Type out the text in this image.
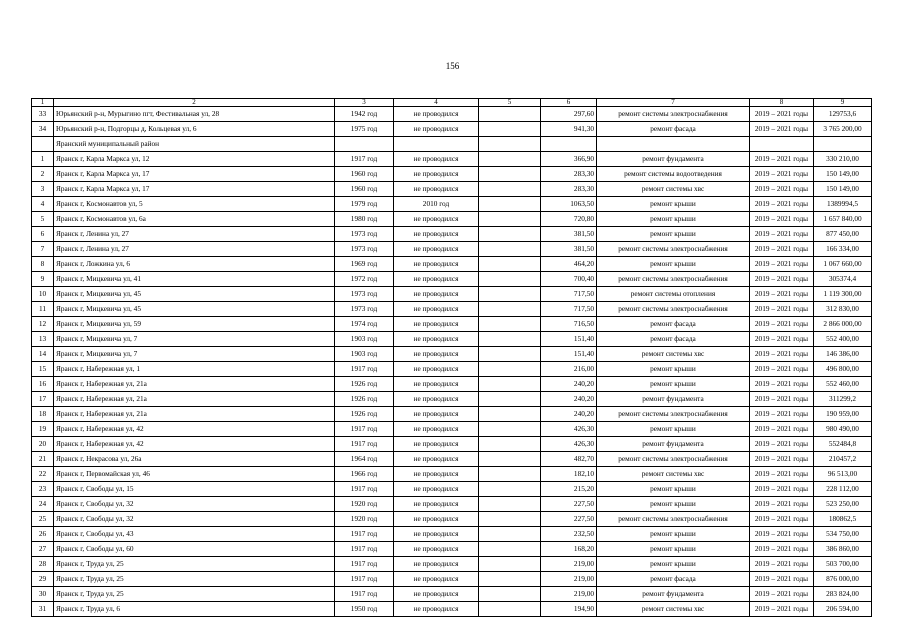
156
1	2	3	4	5	6	7	8	9
33	Юрьянский р-н, Мурыгино пгт, Фестивальная ул, 28	1942 год	не проводился		297,60	ремонт системы электроснабжения	2019 – 2021 годы	129753,6
34	Юрьянский р-н, Подгорцы д, Кольцевая ул, 6	1975 год	не проводился		941,30	ремонт фасада	2019 – 2021 годы	3 765 200,00
	Яранский муниципальный район							
1	Яранск г, Карла Маркса ул, 12	1917 год	не проводился		366,90	ремонт фундамента	2019 – 2021 годы	330 210,00
2	Яранск г, Карла Маркса ул, 17	1960 год	не проводился		283,30	ремонт системы водоотведения	2019 – 2021 годы	150 149,00
3	Яранск г, Карла Маркса ул, 17	1960 год	не проводился		283,30	ремонт системы хвс	2019 – 2021 годы	150 149,00
4	Яранск г, Космонавтов ул, 5	1979 год	2010 год		1063,50	ремонт крыши	2019 – 2021 годы	1389994,5
5	Яранск г, Космонавтов ул, 6а	1980 год	не проводился		720,80	ремонт крыши	2019 – 2021 годы	1 657 840,00
6	Яранск г, Ленина ул, 27	1973 год	не проводился		381,50	ремонт крыши	2019 – 2021 годы	877 450,00
7	Яранск г, Ленина ул, 27	1973 год	не проводился		381,50	ремонт системы электроснабжения	2019 – 2021 годы	166 334,00
8	Яранск г, Ложкина ул, 6	1969 год	не проводился		464,20	ремонт крыши	2019 – 2021 годы	1 067 660,00
9	Яранск г, Мицкевича ул, 41	1972 год	не проводился		700,40	ремонт системы электроснабжения	2019 – 2021 годы	305374,4
10	Яранск г, Мицкевича ул, 45	1973 год	не проводился		717,50	ремонт системы отопления	2019 – 2021 годы	1 119 300,00
11	Яранск г, Мицкевича ул, 45	1973 год	не проводился		717,50	ремонт системы электроснабжения	2019 – 2021 годы	312 830,00
12	Яранск г, Мицкевича ул, 59	1974 год	не проводился		716,50	ремонт фасада	2019 – 2021 годы	2 866 000,00
13	Яранск г, Мицкевича ул, 7	1903 год	не проводился		151,40	ремонт фасада	2019 – 2021 годы	552 400,00
14	Яранск г, Мицкевича ул, 7	1903 год	не проводился		151,40	ремонт системы хвс	2019 – 2021 годы	146 386,00
15	Яранск г, Набережная ул, 1	1917 год	не проводился		216,00	ремонт крыши	2019 – 2021 годы	496 800,00
16	Яранск г, Набережная ул, 21а	1926 год	не проводился		240,20	ремонт крыши	2019 – 2021 годы	552 460,00
17	Яранск г, Набережная ул, 21а	1926 год	не проводился		240,20	ремонт фундамента	2019 – 2021 годы	311299,2
18	Яранск г, Набережная ул, 21а	1926 год	не проводился		240,20	ремонт системы электроснабжения	2019 – 2021 годы	190 959,00
19	Яранск г, Набережная ул, 42	1917 год	не проводился		426,30	ремонт крыши	2019 – 2021 годы	980 490,00
20	Яранск г, Набережная ул, 42	1917 год	не проводился		426,30	ремонт фундамента	2019 – 2021 годы	552484,8
21	Яранск г, Некрасова ул, 26а	1964 год	не проводился		482,70	ремонт системы электроснабжения	2019 – 2021 годы	210457,2
22	Яранск г, Первомайская ул, 46	1966 год	не проводился		182,10	ремонт системы хвс	2019 – 2021 годы	96 513,00
23	Яранск г, Свободы ул, 15	1917 год	не проводился		215,20	ремонт крыши	2019 – 2021 годы	228 112,00
24	Яранск г, Свободы ул, 32	1920 год	не проводился		227,50	ремонт крыши	2019 – 2021 годы	523 250,00
25	Яранск г, Свободы ул, 32	1920 год	не проводился		227,50	ремонт системы электроснабжения	2019 – 2021 годы	180862,5
26	Яранск г, Свободы ул, 43	1917 год	не проводился		232,50	ремонт крыши	2019 – 2021 годы	534 750,00
27	Яранск г, Свободы ул, 60	1917 год	не проводился		168,20	ремонт крыши	2019 – 2021 годы	386 860,00
28	Яранск г, Труда ул, 25	1917 год	не проводился		219,00	ремонт крыши	2019 – 2021 годы	503 700,00
29	Яранск г, Труда ул, 25	1917 год	не проводился		219,00	ремонт фасада	2019 – 2021 годы	876 000,00
30	Яранск г, Труда ул, 25	1917 год	не проводился		219,00	ремонт фундамента	2019 – 2021 годы	283 824,00
31	Яранск г, Труда ул, 6	1950 год	не проводился		194,90	ремонт системы хвс	2019 – 2021 годы	206 594,00
